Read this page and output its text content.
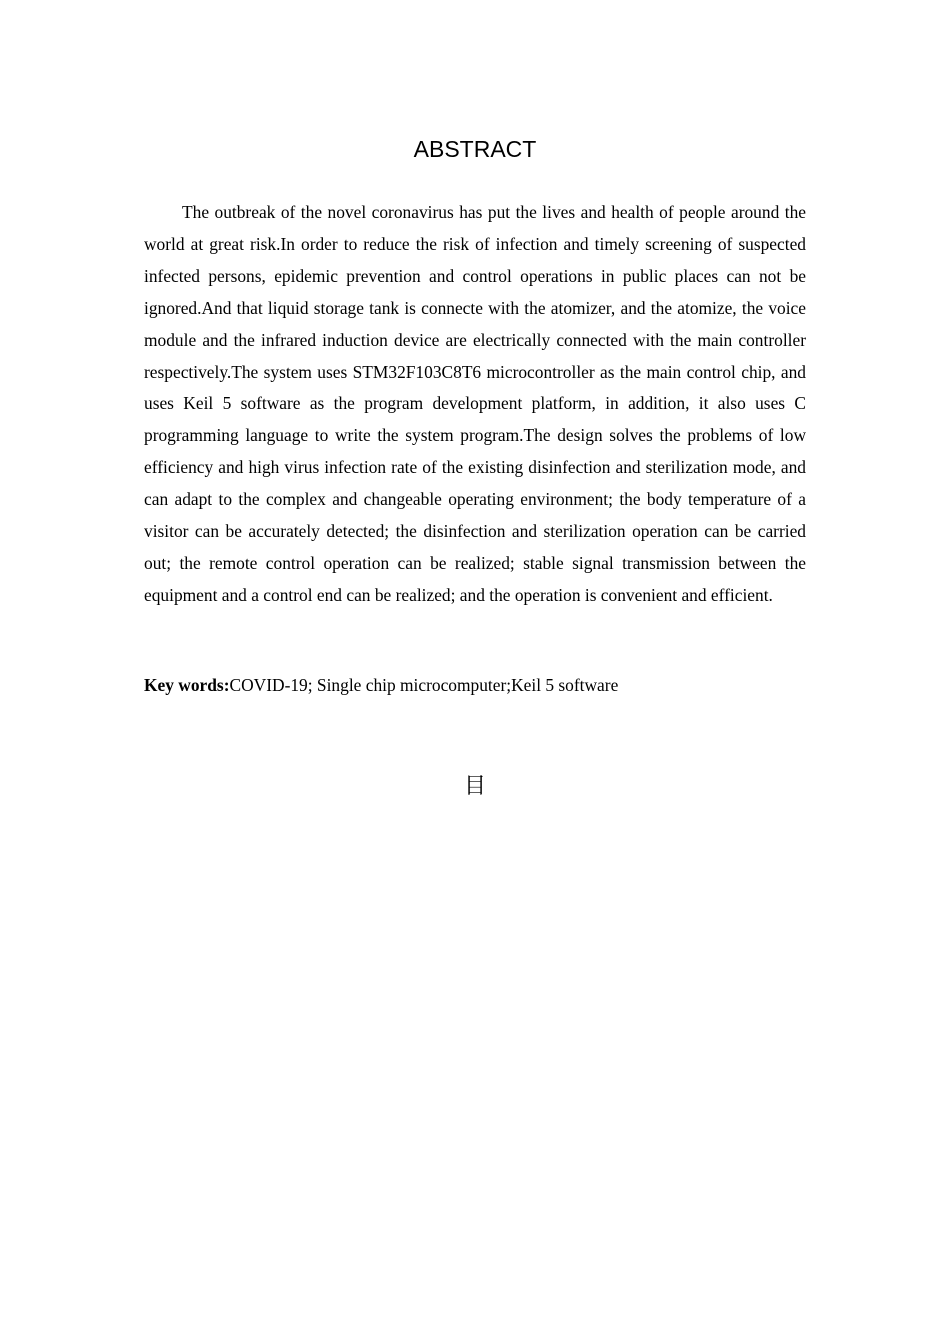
ABSTRACT

The outbreak of the novel coronavirus has put the lives and health of people around the world at great risk.In order to reduce the risk of infection and timely screening of suspected infected persons, epidemic prevention and control operations in public places can not be ignored.And that liquid storage tank is connecte with the atomizer, and the atomize, the voice module and the infrared induction device are electrically connected with the main controller respectively.The system uses STM32F103C8T6 microcontroller as the main control chip, and uses Keil 5 software as the program development platform, in addition, it also uses C programming language to write the system program.The design solves the problems of low efficiency and high virus infection rate of the existing disinfection and sterilization mode, and can adapt to the complex and changeable operating environment; the body temperature of a visitor can be accurately detected; the disinfection and sterilization operation can be carried out; the remote control operation can be realized; stable signal transmission between the equipment and a control end can be realized; and the operation is convenient and efficient.

Key words:COVID-19; Single chip microcomputer;Keil 5 software

目
